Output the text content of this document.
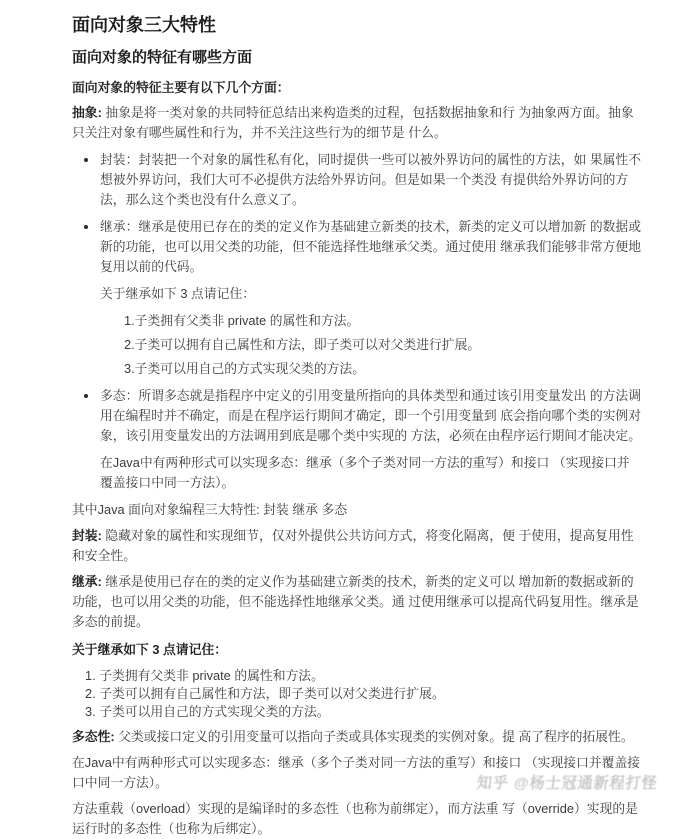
面向对象三大特性
面向对象的特征有哪些方面

面向对象的特征主要有以下几个方面：

抽象: 抽象是将一类对象的共同特征总结出来构造类的过程，包括数据抽象和行 为抽象两方面。抽象只关注对象有哪些属性和行为，并不关注这些行为的细节是 什么。

封装：封装把一个对象的属性私有化，同时提供一些可以被外界访问的属性的方法，如 果属性不想被外界访问，我们大可不必提供方法给外界访问。但是如果一个类没 有提供给外界访问的方法，那么这个类也没有什么意义了。
继承：继承是使用已存在的类的定义作为基础建立新类的技术，新类的定义可以增加新 的数据或新的功能，也可以用父类的功能，但不能选择性地继承父类。通过使用 继承我们能够非常方便地复用以前的代码。
关于继承如下 3 点请记住：
1.子类拥有父类非 private 的属性和方法。
2.子类可以拥有自己属性和方法，即子类可以对父类进行扩展。
3.子类可以用自己的方式实现父类的方法。
多态：所谓多态就是指程序中定义的引用变量所指向的具体类型和通过该引用变量发出 的方法调用在编程时并不确定，而是在程序运行期间才确定，即一个引用变量到 底会指向哪个类的实例对象，该引用变量发出的方法调用到底是哪个类中实现的 方法，必须在由程序运行期间才能决定。
在Java中有两种形式可以实现多态：继承（多个子类对同一方法的重写）和接口 （实现接口并覆盖接口中同一方法）。

其中Java 面向对象编程三大特性: 封装 继承 多态

封装: 隐藏对象的属性和实现细节，仅对外提供公共访问方式，将变化隔离，便 于使用，提高复用性和安全性。

继承: 继承是使用已存在的类的定义作为基础建立新类的技术，新类的定义可以 增加新的数据或新的功能，也可以用父类的功能，但不能选择性地继承父类。通 过使用继承可以提高代码复用性。继承是多态的前提。

关于继承如下 3 点请记住：

1. 子类拥有父类非 private 的属性和方法。
2. 子类可以拥有自己属性和方法，即子类可以对父类进行扩展。
3. 子类可以用自己的方式实现父类的方法。

多态性: 父类或接口定义的引用变量可以指向子类或具体实现类的实例对象。提 高了程序的拓展性。

在Java中有两种形式可以实现多态：继承（多个子类对同一方法的重写）和接口 （实现接口并覆盖接口中同一方法）。

方法重载（overload）实现的是编译时的多态性（也称为前绑定），而方法重 写（override）实现的是运行时的多态性（也称为后绑定）。

知乎 @杨士冠通新程打怪
